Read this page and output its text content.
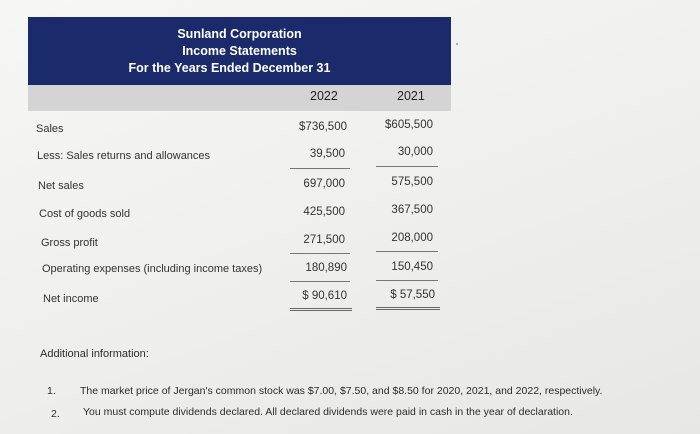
Sunland Corporation
Income Statements
For the Years Ended December 31
2022	2021
Sales
Less: Sales returns and allowances
Net sales
Cost of goods sold
Gross profit
Operating expenses (including income taxes)
Net income
$736,500
39,500
697,000
425,500
271,500
180,890
$ 90,610
$605,500
30,000
575,500
367,500
208,000
150,450
$ 57,550
Additional information:
1. The market price of Jergan's common stock was $7.00, $7.50, and $8.50 for 2020, 2021, and 2022, respectively.
2. You must compute dividends declared. All declared dividends were paid in cash in the year of declaration.
